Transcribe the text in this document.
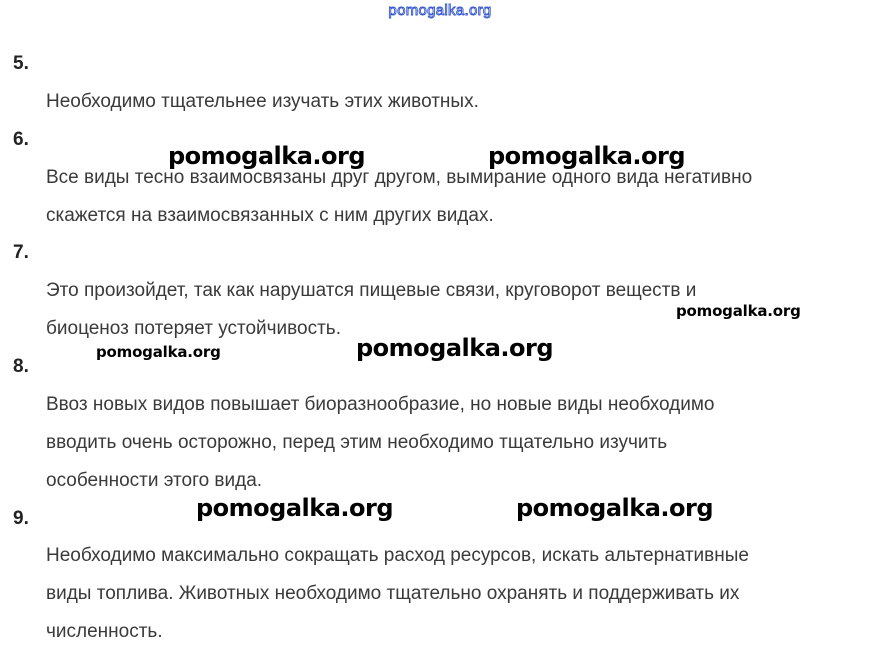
pomogalka.org
5.
Необходимо тщательнее изучать этих животных.
6.
Все виды тесно взаимосвязаны друг другом, вымирание одного вида негативно
скажется на взаимосвязанных с ним других видах.
7.
Это произойдет, так как нарушатся пищевые связи, круговорот веществ и
биоценоз потеряет устойчивость.
8.
Ввоз новых видов повышает биоразнообразие, но новые виды необходимо
вводить очень осторожно, перед этим необходимо тщательно изучить
особенности этого вида.
9.
Необходимо максимально сокращать расход ресурсов, искать альтернативные
виды топлива. Животных необходимо тщательно охранять и поддерживать их
численность.
pomogalka.org	pomogalka.org
pomogalka.org
pomogalka.org	pomogalka.org
pomogalka.org	pomogalka.org
